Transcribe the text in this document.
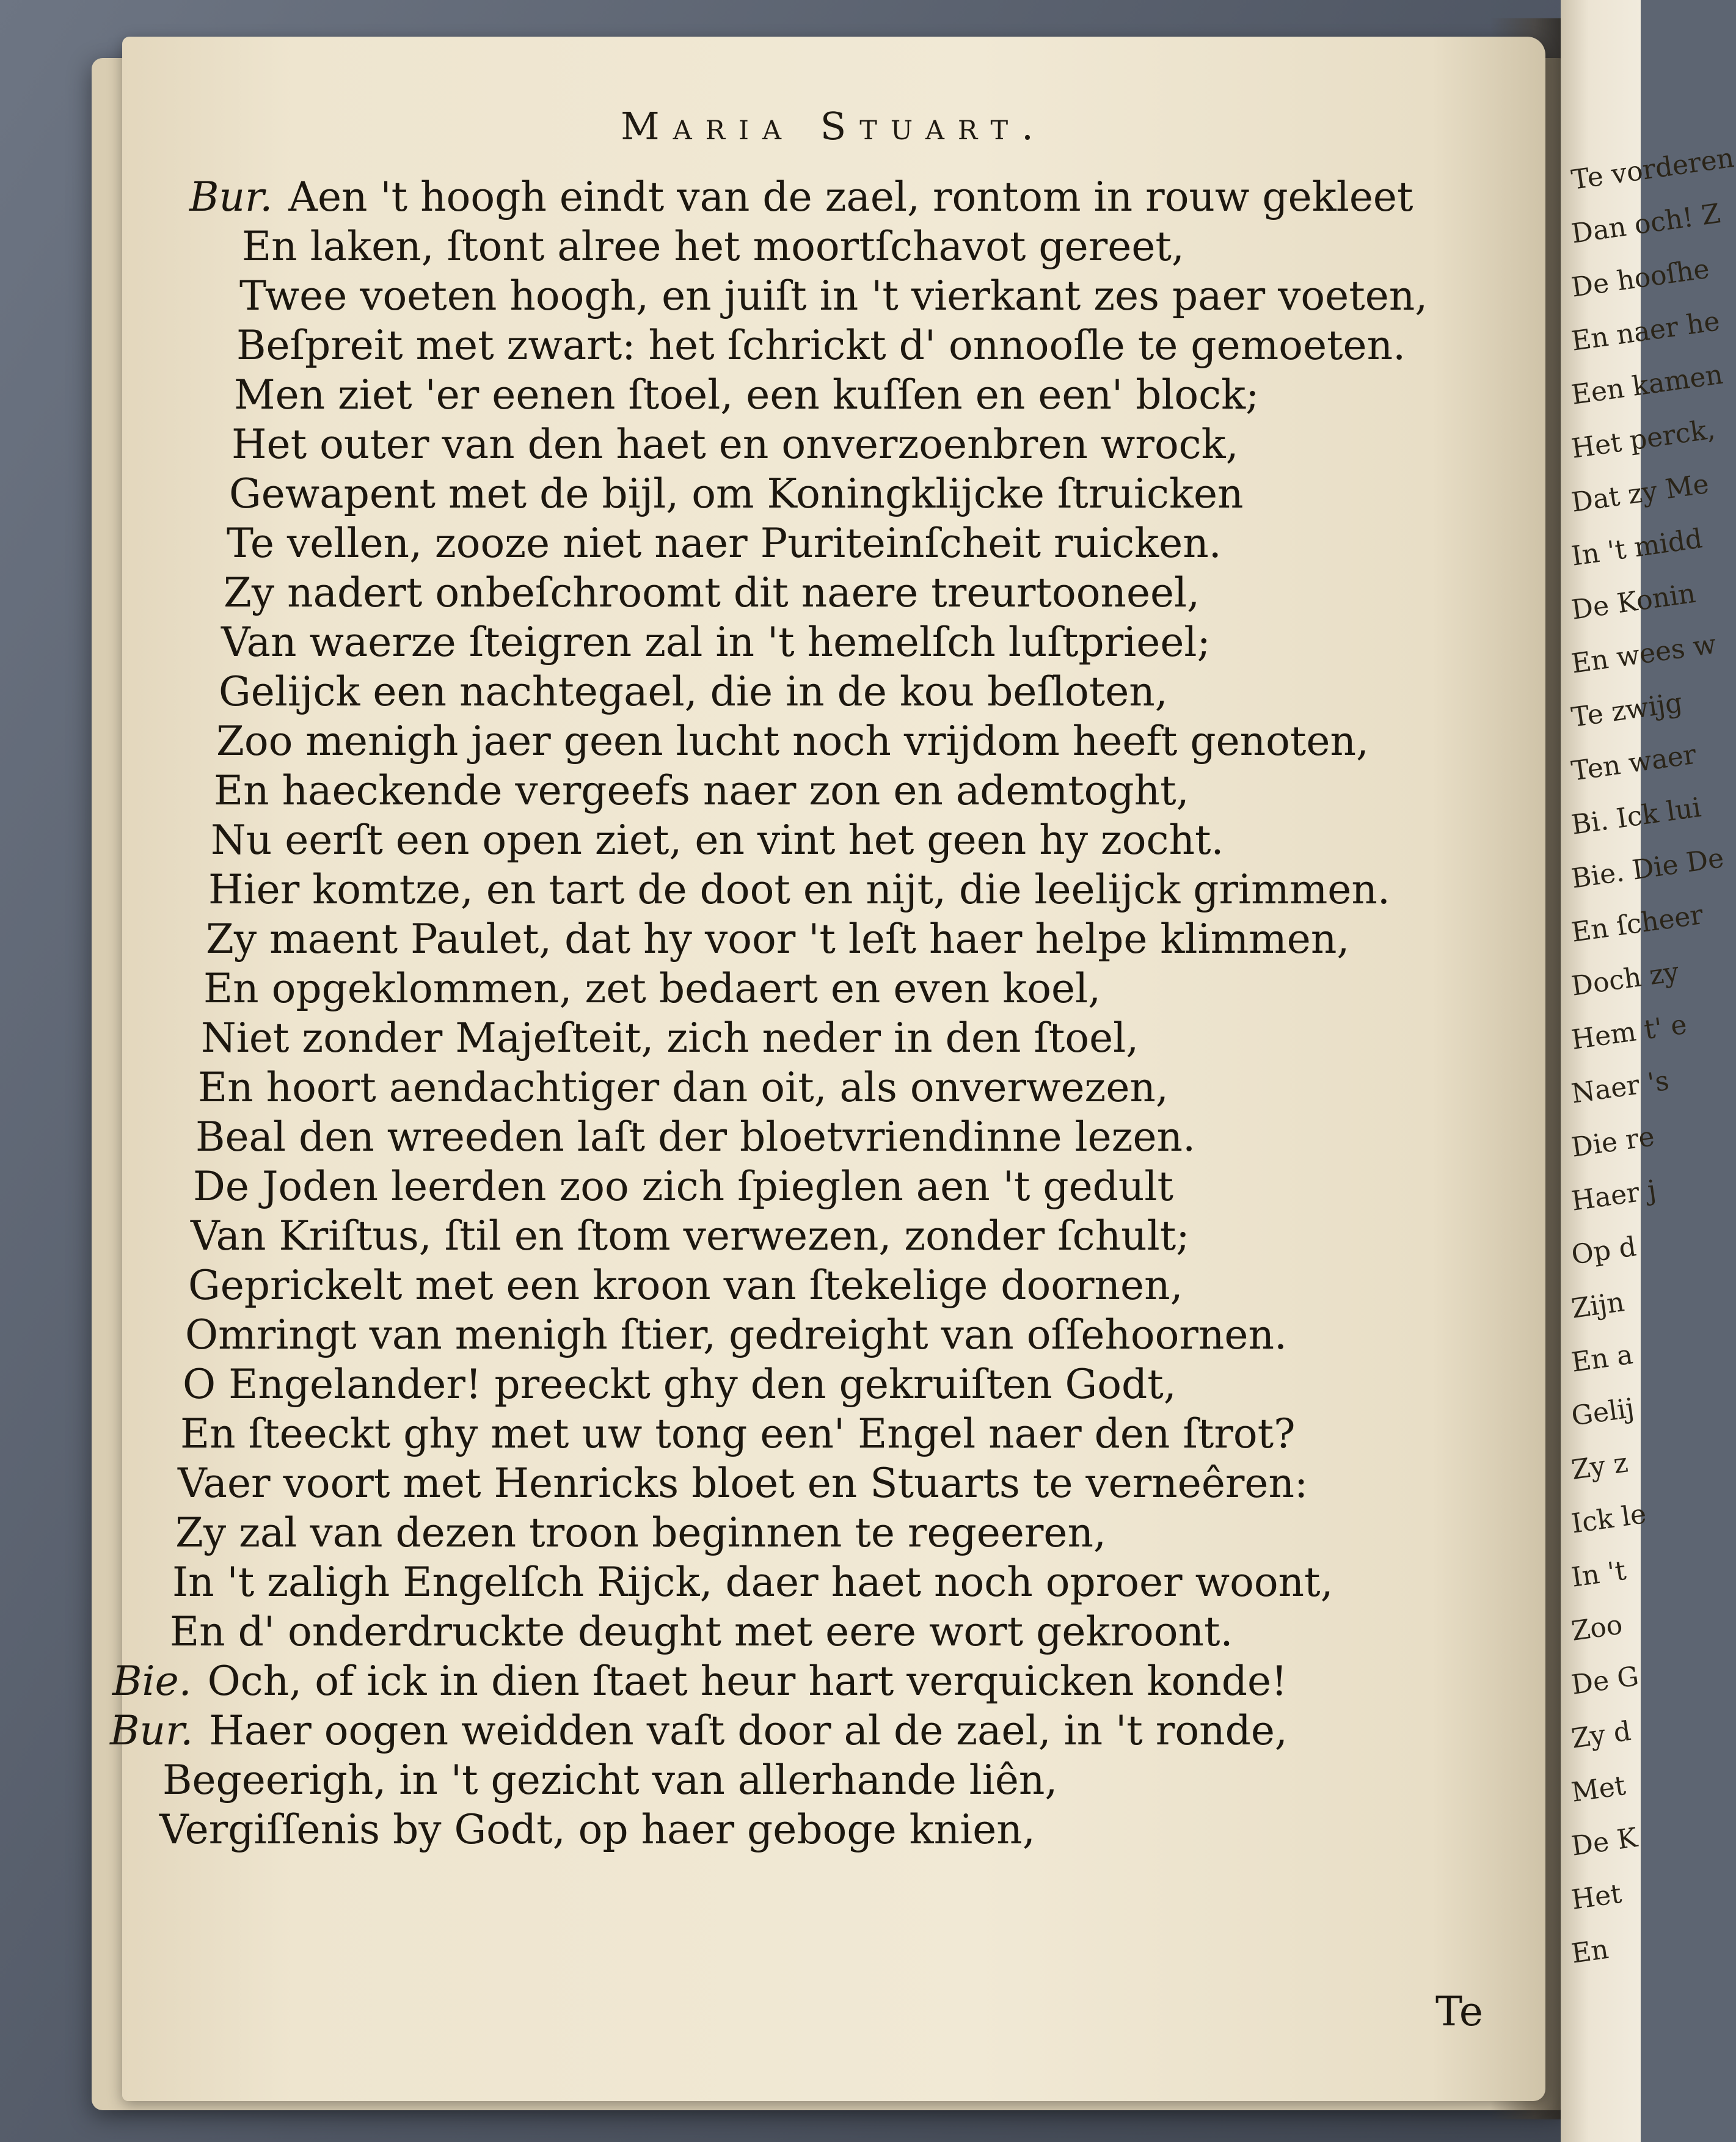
Te vorderen
Dan och! Z
De hooſhe
En naer he
Een kamen
Het perck,
Dat zy Me
In 't midd
De Konin
En wees w
Te zwijg
Ten waer
Bi. Ick lui
Bie. Die De
En ſcheer
Doch zy
Hem t' e
Naer 's
Die re
Haer j
Op d
Zijn
En a
Gelij
Zy z
Ick le
In 't
Zoo
De G
Zy d
Met
De K
Het
En
Maria Stuart.
Bur. Aen 't hoogh eindt van de zael, rontom in rouw gekleet
En laken, ſtont alree het moortſchavot gereet,
Twee voeten hoogh, en juiſt in 't vierkant zes paer voeten,
Beſpreit met zwart: het ſchrickt d' onnooſle te gemoeten.
Men ziet 'er eenen ſtoel, een kuſſen en een' block;
Het outer van den haet en onverzoenbren wrock,
Gewapent met de bijl, om Koningklijcke ſtruicken
Te vellen, zooze niet naer Puriteinſcheit ruicken.
Zy nadert onbeſchroomt dit naere treurtooneel,
Van waerze ſteigren zal in 't hemelſch luſtprieel;
Gelijck een nachtegael, die in de kou beſloten,
Zoo menigh jaer geen lucht noch vrijdom heeft genoten,
En haeckende vergeefs naer zon en ademtoght,
Nu eerſt een open ziet, en vint het geen hy zocht.
Hier komtze, en tart de doot en nijt, die leelijck grimmen.
Zy maent Paulet, dat hy voor 't leſt haer helpe klimmen,
En opgeklommen, zet bedaert en even koel,
Niet zonder Majeſteit, zich neder in den ſtoel,
En hoort aendachtiger dan oit, als onverwezen,
Beal den wreeden laſt der bloetvriendinne lezen.
De Joden leerden zoo zich ſpieglen aen 't gedult
Van Kriſtus, ſtil en ſtom verwezen, zonder ſchult;
Geprickelt met een kroon van ſtekelige doornen,
Omringt van menigh ſtier, gedreight van oſſehoornen.
O Engelander! preeckt ghy den gekruiſten Godt,
En ſteeckt ghy met uw tong een' Engel naer den ſtrot?
Vaer voort met Henricks bloet en Stuarts te verneêren:
Zy zal van dezen troon beginnen te regeeren,
In 't zaligh Engelſch Rijck, daer haet noch oproer woont,
En d' onderdruckte deught met eere wort gekroont.
Bie. Och, of ick in dien ſtaet heur hart verquicken konde!
Bur. Haer oogen weidden vaſt door al de zael, in 't ronde,
Begeerigh, in 't gezicht van allerhande liên,
Vergiſſenis by Godt, op haer geboge knien,
Te
